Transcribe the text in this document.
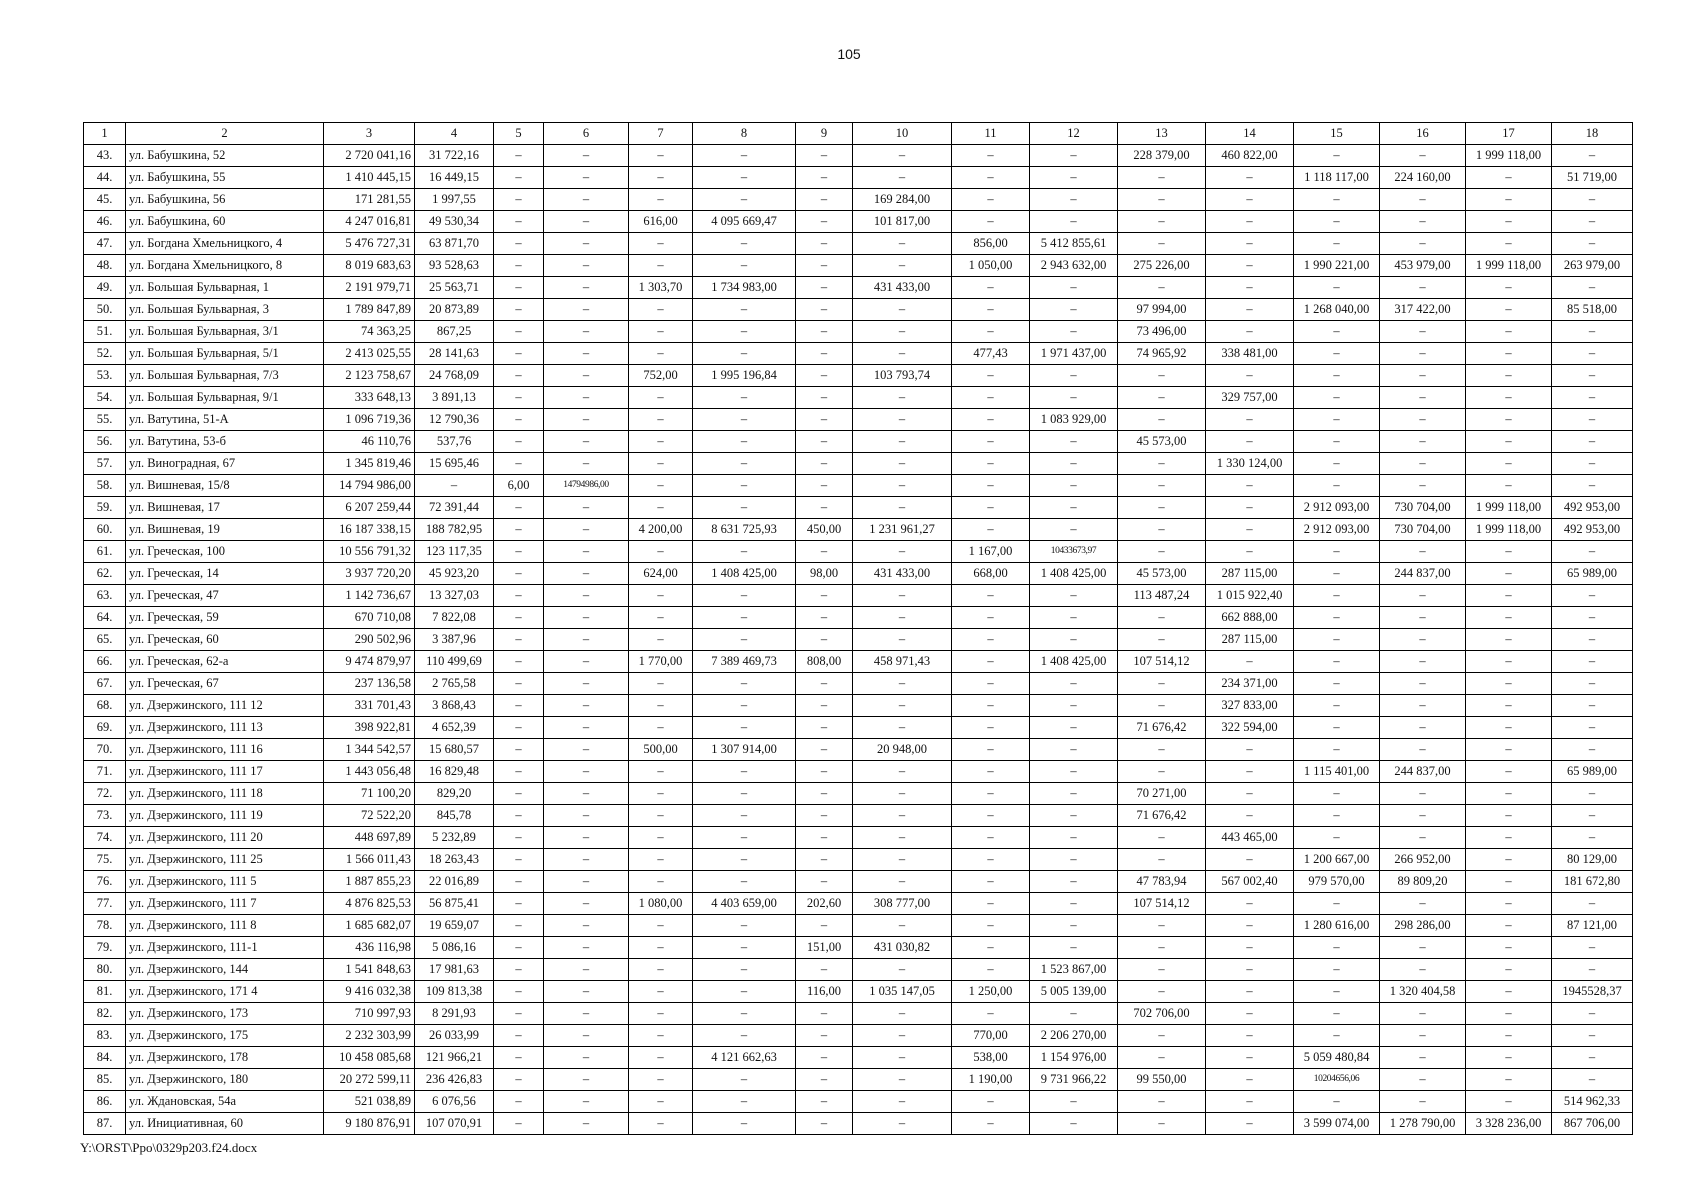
105
1	2	3	4	5	6	7	8	9	10	11	12	13	14	15	16	17	18
43.	ул. Бабушкина, 52	2 720 041,16	31 722,16	–	–	–	–	–	–	–	–	228 379,00	460 822,00	–	–	1 999 118,00	–
44.	ул. Бабушкина, 55	1 410 445,15	16 449,15	–	–	–	–	–	–	–	–	–	–	1 118 117,00	224 160,00	–	51 719,00
45.	ул. Бабушкина, 56	171 281,55	1 997,55	–	–	–	–	–	169 284,00	–	–	–	–	–	–	–	–
46.	ул. Бабушкина, 60	4 247 016,81	49 530,34	–	–	616,00	4 095 669,47	–	101 817,00	–	–	–	–	–	–	–	–
47.	ул. Богдана Хмельницкого, 4	5 476 727,31	63 871,70	–	–	–	–	–	–	856,00	5 412 855,61	–	–	–	–	–	–
48.	ул. Богдана Хмельницкого, 8	8 019 683,63	93 528,63	–	–	–	–	–	–	1 050,00	2 943 632,00	275 226,00	–	1 990 221,00	453 979,00	1 999 118,00	263 979,00
49.	ул. Большая Бульварная, 1	2 191 979,71	25 563,71	–	–	1 303,70	1 734 983,00	–	431 433,00	–	–	–	–	–	–	–	–
50.	ул. Большая Бульварная, 3	1 789 847,89	20 873,89	–	–	–	–	–	–	–	–	97 994,00	–	1 268 040,00	317 422,00	–	85 518,00
51.	ул. Большая Бульварная, 3/1	74 363,25	867,25	–	–	–	–	–	–	–	–	73 496,00	–	–	–	–	–
52.	ул. Большая Бульварная, 5/1	2 413 025,55	28 141,63	–	–	–	–	–	–	477,43	1 971 437,00	74 965,92	338 481,00	–	–	–	–
53.	ул. Большая Бульварная, 7/3	2 123 758,67	24 768,09	–	–	752,00	1 995 196,84	–	103 793,74	–	–	–	–	–	–	–	–
54.	ул. Большая Бульварная, 9/1	333 648,13	3 891,13	–	–	–	–	–	–	–	–	–	329 757,00	–	–	–	–
55.	ул. Ватутина, 51-А	1 096 719,36	12 790,36	–	–	–	–	–	–	–	1 083 929,00	–	–	–	–	–	–
56.	ул. Ватутина, 53-б	46 110,76	537,76	–	–	–	–	–	–	–	–	45 573,00	–	–	–	–	–
57.	ул. Виноградная, 67	1 345 819,46	15 695,46	–	–	–	–	–	–	–	–	–	1 330 124,00	–	–	–	–
58.	ул. Вишневая, 15/8	14 794 986,00	–	6,00	14794986,00	–	–	–	–	–	–	–	–	–	–	–	–
59.	ул. Вишневая, 17	6 207 259,44	72 391,44	–	–	–	–	–	–	–	–	–	–	2 912 093,00	730 704,00	1 999 118,00	492 953,00
60.	ул. Вишневая, 19	16 187 338,15	188 782,95	–	–	4 200,00	8 631 725,93	450,00	1 231 961,27	–	–	–	–	2 912 093,00	730 704,00	1 999 118,00	492 953,00
61.	ул. Греческая, 100	10 556 791,32	123 117,35	–	–	–	–	–	–	1 167,00	10433673,97	–	–	–	–	–	–
62.	ул. Греческая, 14	3 937 720,20	45 923,20	–	–	624,00	1 408 425,00	98,00	431 433,00	668,00	1 408 425,00	45 573,00	287 115,00	–	244 837,00	–	65 989,00
63.	ул. Греческая, 47	1 142 736,67	13 327,03	–	–	–	–	–	–	–	–	113 487,24	1 015 922,40	–	–	–	–
64.	ул. Греческая, 59	670 710,08	7 822,08	–	–	–	–	–	–	–	–	–	662 888,00	–	–	–	–
65.	ул. Греческая, 60	290 502,96	3 387,96	–	–	–	–	–	–	–	–	–	287 115,00	–	–	–	–
66.	ул. Греческая, 62-а	9 474 879,97	110 499,69	–	–	1 770,00	7 389 469,73	808,00	458 971,43	–	1 408 425,00	107 514,12	–	–	–	–	–
67.	ул. Греческая, 67	237 136,58	2 765,58	–	–	–	–	–	–	–	–	–	234 371,00	–	–	–	–
68.	ул. Дзержинского, 111 12	331 701,43	3 868,43	–	–	–	–	–	–	–	–	–	327 833,00	–	–	–	–
69.	ул. Дзержинского, 111 13	398 922,81	4 652,39	–	–	–	–	–	–	–	–	71 676,42	322 594,00	–	–	–	–
70.	ул. Дзержинского, 111 16	1 344 542,57	15 680,57	–	–	500,00	1 307 914,00	–	20 948,00	–	–	–	–	–	–	–	–
71.	ул. Дзержинского, 111 17	1 443 056,48	16 829,48	–	–	–	–	–	–	–	–	–	–	1 115 401,00	244 837,00	–	65 989,00
72.	ул. Дзержинского, 111 18	71 100,20	829,20	–	–	–	–	–	–	–	–	70 271,00	–	–	–	–	–
73.	ул. Дзержинского, 111 19	72 522,20	845,78	–	–	–	–	–	–	–	–	71 676,42	–	–	–	–	–
74.	ул. Дзержинского, 111 20	448 697,89	5 232,89	–	–	–	–	–	–	–	–	–	443 465,00	–	–	–	–
75.	ул. Дзержинского, 111 25	1 566 011,43	18 263,43	–	–	–	–	–	–	–	–	–	–	1 200 667,00	266 952,00	–	80 129,00
76.	ул. Дзержинского, 111 5	1 887 855,23	22 016,89	–	–	–	–	–	–	–	–	47 783,94	567 002,40	979 570,00	89 809,20	–	181 672,80
77.	ул. Дзержинского, 111 7	4 876 825,53	56 875,41	–	–	1 080,00	4 403 659,00	202,60	308 777,00	–	–	107 514,12	–	–	–	–	–
78.	ул. Дзержинского, 111 8	1 685 682,07	19 659,07	–	–	–	–	–	–	–	–	–	–	1 280 616,00	298 286,00	–	87 121,00
79.	ул. Дзержинского, 111-1	436 116,98	5 086,16	–	–	–	–	151,00	431 030,82	–	–	–	–	–	–	–	–
80.	ул. Дзержинского, 144	1 541 848,63	17 981,63	–	–	–	–	–	–	–	1 523 867,00	–	–	–	–	–	–
81.	ул. Дзержинского, 171 4	9 416 032,38	109 813,38	–	–	–	–	116,00	1 035 147,05	1 250,00	5 005 139,00	–	–	–	1 320 404,58	–	1945528,37
82.	ул. Дзержинского, 173	710 997,93	8 291,93	–	–	–	–	–	–	–	–	702 706,00	–	–	–	–	–
83.	ул. Дзержинского, 175	2 232 303,99	26 033,99	–	–	–	–	–	–	770,00	2 206 270,00	–	–	–	–	–	–
84.	ул. Дзержинского, 178	10 458 085,68	121 966,21	–	–	–	4 121 662,63	–	–	538,00	1 154 976,00	–	–	5 059 480,84	–	–	–
85.	ул. Дзержинского, 180	20 272 599,11	236 426,83	–	–	–	–	–	–	1 190,00	9 731 966,22	99 550,00	–	10204656,06	–	–	–
86.	ул. Ждановская, 54а	521 038,89	6 076,56	–	–	–	–	–	–	–	–	–	–	–	–	–	514 962,33
87.	ул. Инициативная, 60	9 180 876,91	107 070,91	–	–	–	–	–	–	–	–	–	–	3 599 074,00	1 278 790,00	3 328 236,00	867 706,00
Y:\ORST\Ppo\0329p203.f24.docx
